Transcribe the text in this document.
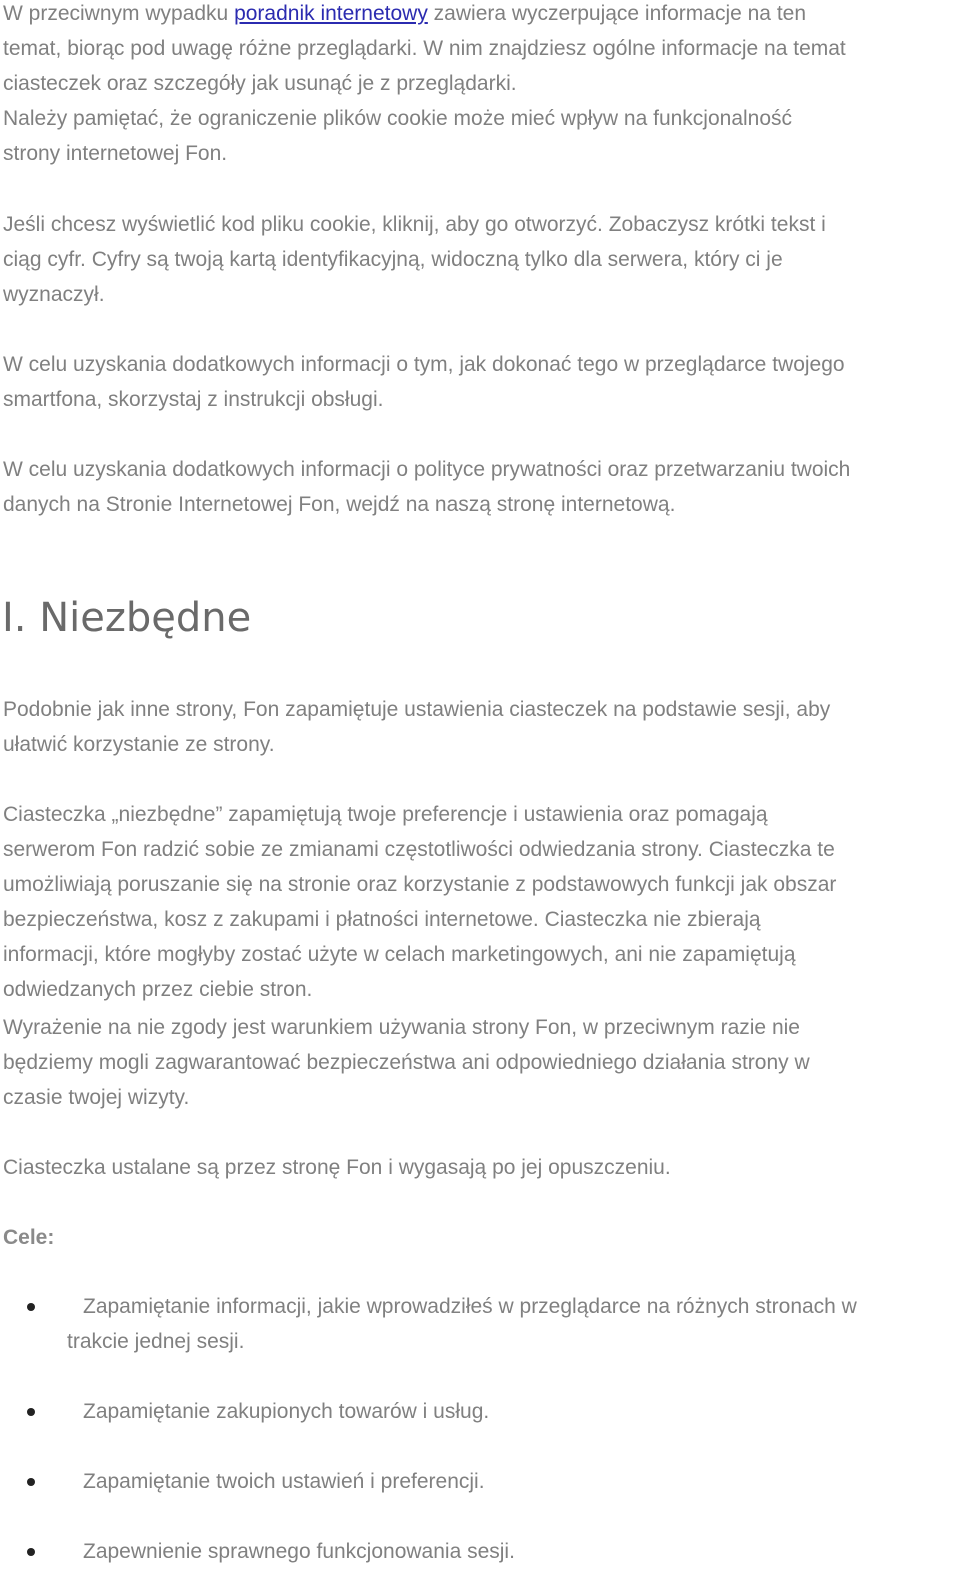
W przeciwnym wypadku poradnik internetowy zawiera wyczerpujące informacje na ten

temat, biorąc pod uwagę różne przeglądarki. W nim znajdziesz ogólne informacje na temat

ciasteczek oraz szczegóły jak usunąć je z przeglądarki.

Należy pamiętać, że ograniczenie plików cookie może mieć wpływ na funkcjonalność

strony internetowej Fon.

Jeśli chcesz wyświetlić kod pliku cookie, kliknij, aby go otworzyć. Zobaczysz krótki tekst i

ciąg cyfr. Cyfry są twoją kartą identyfikacyjną, widoczną tylko dla serwera, który ci je

wyznaczył.

W celu uzyskania dodatkowych informacji o tym, jak dokonać tego w przeglądarce twojego

smartfona, skorzystaj z instrukcji obsługi.

W celu uzyskania dodatkowych informacji o polityce prywatności oraz przetwarzaniu twoich

danych na Stronie Internetowej Fon, wejdź na naszą stronę internetową.

I. Niezbędne

Podobnie jak inne strony, Fon zapamiętuje ustawienia ciasteczek na podstawie sesji, aby

ułatwić korzystanie ze strony.

Ciasteczka „niezbędne” zapamiętują twoje preferencje i ustawienia oraz pomagają

serwerom Fon radzić sobie ze zmianami częstotliwości odwiedzania strony. Ciasteczka te

umożliwiają poruszanie się na stronie oraz korzystanie z podstawowych funkcji jak obszar

bezpieczeństwa, kosz z zakupami i płatności internetowe. Ciasteczka nie zbierają

informacji, które mogłyby zostać użyte w celach marketingowych, ani nie zapamiętują

odwiedzanych przez ciebie stron.

Wyrażenie na nie zgody jest warunkiem używania strony Fon, w przeciwnym razie nie

będziemy mogli zagwarantować bezpieczeństwa ani odpowiedniego działania strony w

czasie twojej wizyty.

Ciasteczka ustalane są przez stronę Fon i wygasają po jej opuszczeniu.

Cele:

Zapamiętanie informacji, jakie wprowadziłeś w przeglądarce na różnych stronach w
trakcie jednej sesji.
Zapamiętanie zakupionych towarów i usług.
Zapamiętanie twoich ustawień i preferencji.
Zapewnienie sprawnego funkcjonowania sesji.
